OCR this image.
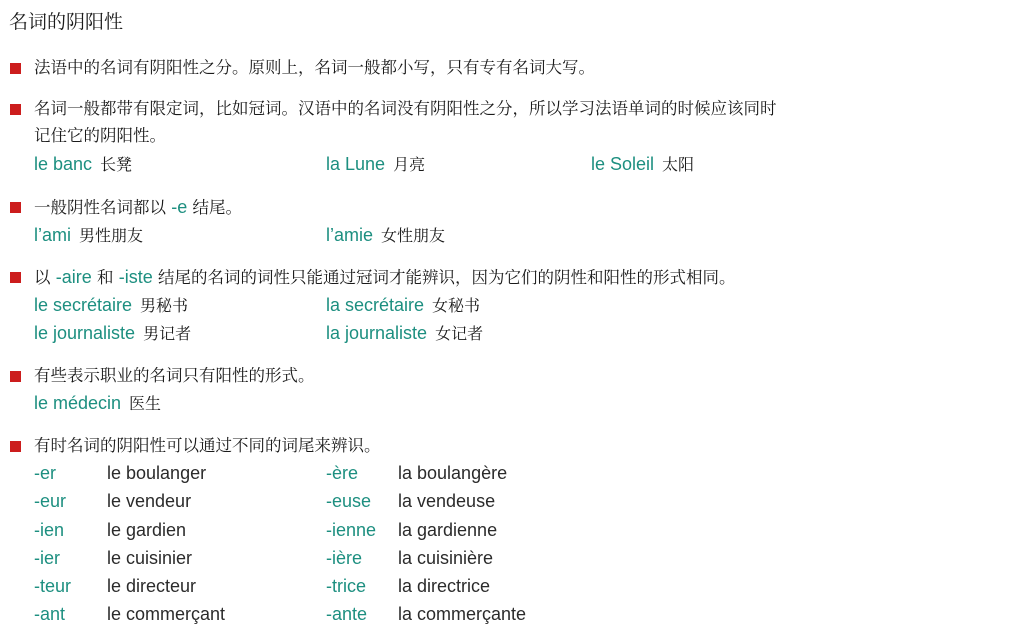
名词的阴阳性
法语中的名词有阴阳性之分。原则上，名词一般都小写，只有专有名词大写。
名词一般都带有限定词，比如冠词。汉语中的名词没有阴阳性之分，所以学习法语单词的时候应该同时
记住它的阴阳性。
le banc 长凳	la Lune 月亮	le Soleil 太阳
一般阴性名词都以 -e 结尾。
l’ami 男性朋友	l’amie 女性朋友
以 -aire 和 -iste 结尾的名词的词性只能通过冠词才能辨识，因为它们的阴性和阳性的形式相同。
le secrétaire 男秘书	la secrétaire 女秘书
le journaliste 男记者	la journaliste 女记者
有些表示职业的名词只有阳性的形式。
le médecin 医生
有时名词的阴阳性可以通过不同的词尾来辨识。
-er	le boulanger	-ère la boulangère
-eur le vendeur	-euse la vendeuse
-ien le gardien	-ienne la gardienne
-ier	le cuisinier	-ière la cuisinière
-teur le directeur	-trice la directrice
-ant le commerçant	-ante la commerçante
